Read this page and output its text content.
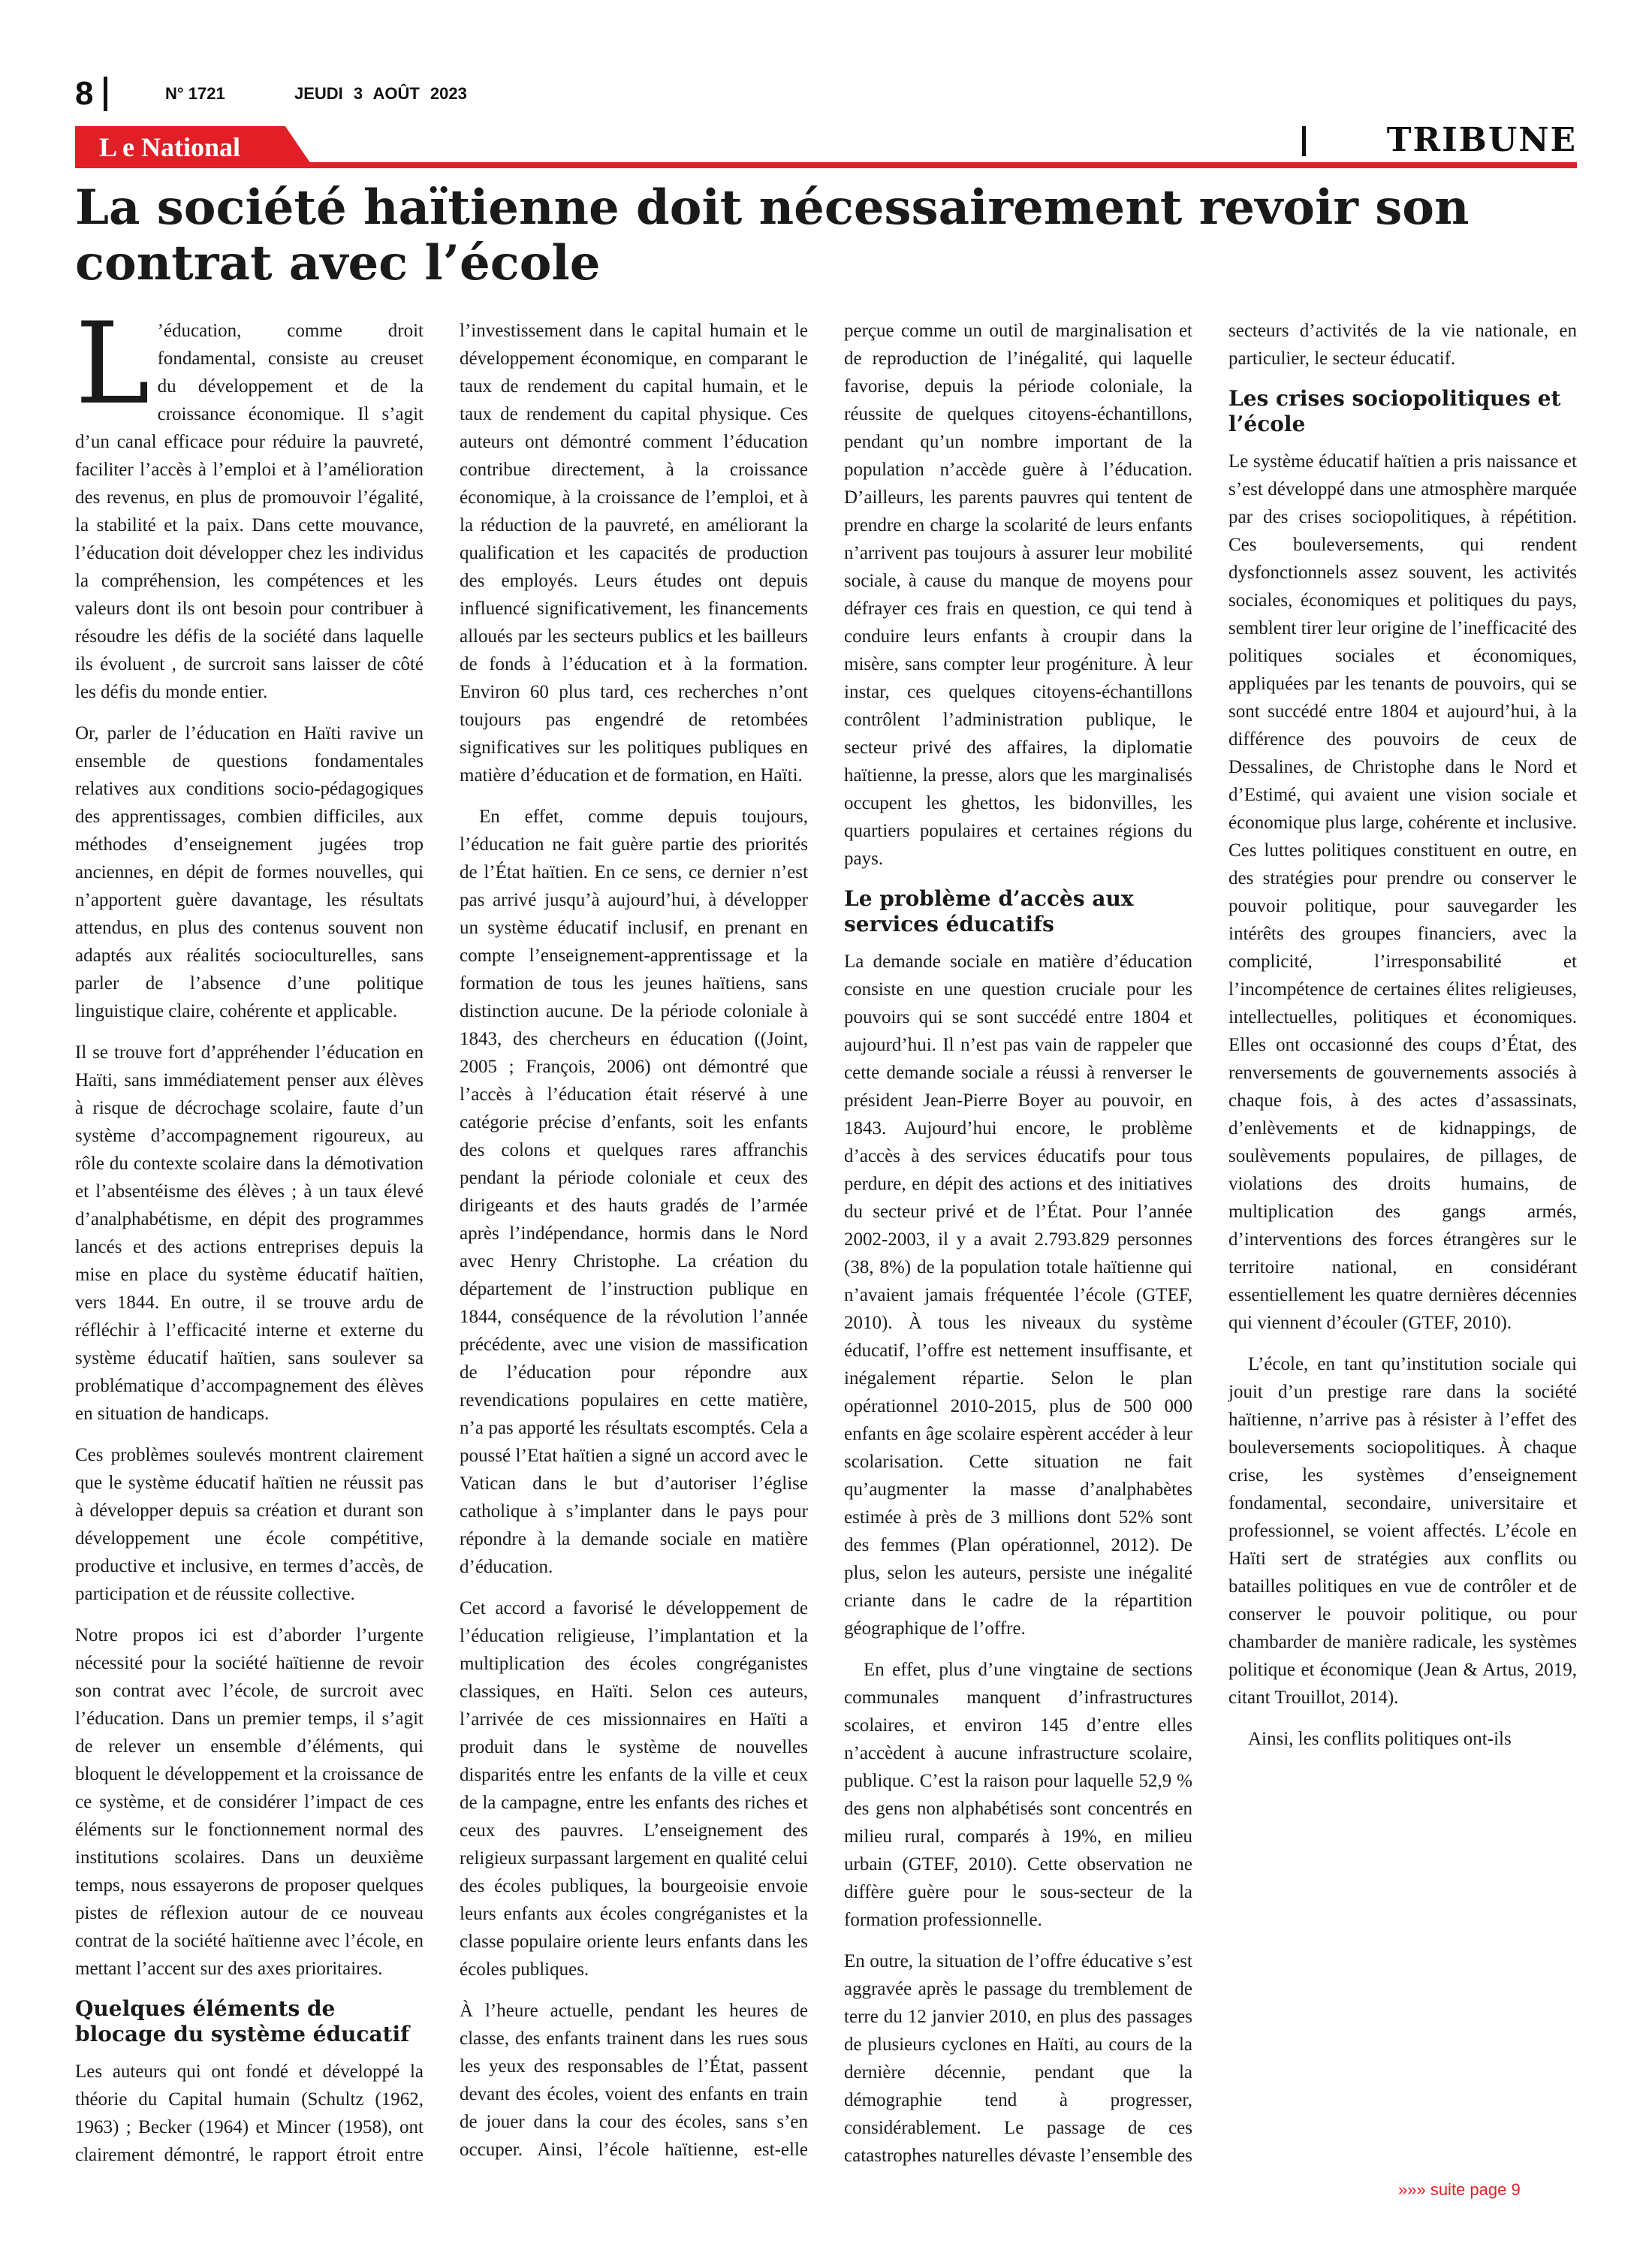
8	N° 1721	JEUDI 3 AOÛT 2023
L e National	TRIBUNE
La société haïtienne doit nécessairement revoir son contrat avec l’école

L ’éducation, comme droit fondamental, consiste au creuset du développement et de la croissance économique. Il s’agit d’un canal efficace pour réduire la pauvreté, faciliter l’accès à l’emploi et à l’amélioration des revenus, en plus de promouvoir l’égalité, la stabilité et la paix. Dans cette mouvance, l’éducation doit développer chez les individus la compréhension, les compétences et les valeurs dont ils ont besoin pour contribuer à résoudre les défis de la société dans laquelle ils évoluent , de surcroit sans laisser de côté les défis du monde entier.

Or, parler de l’éducation en Haïti ravive un ensemble de questions fondamentales relatives aux conditions socio-pédagogiques des apprentissages, combien difficiles, aux méthodes d’enseignement jugées trop anciennes, en dépit de formes nouvelles, qui n’apportent guère davantage, les résultats attendus, en plus des contenus souvent non adaptés aux réalités socioculturelles, sans parler de l’absence d’une politique linguistique claire, cohérente et applicable.

Il se trouve fort d’appréhender l’éducation en Haïti, sans immédiatement penser aux élèves à risque de décrochage scolaire, faute d’un système d’accompagnement rigoureux, au rôle du contexte scolaire dans la démotivation et l’absentéisme des élèves ; à un taux élevé d’analphabétisme, en dépit des programmes lancés et des actions entreprises depuis la mise en place du système éducatif haïtien, vers 1844. En outre, il se trouve ardu de réfléchir à l’efficacité interne et externe du système éducatif haïtien, sans soulever sa problématique d’accompagnement des élèves en situation de handicaps.

Ces problèmes soulevés montrent clairement que le système éducatif haïtien ne réussit pas à développer depuis sa création et durant son développement une école compétitive, productive et inclusive, en termes d’accès, de participation et de réussite collective.

Notre propos ici est d’aborder l’urgente nécessité pour la société haïtienne de revoir son contrat avec l’école, de surcroit avec l’éducation. Dans un premier temps, il s’agit de relever un ensemble d’éléments, qui bloquent le développement et la croissance de ce système, et de considérer l’impact de ces éléments sur le fonctionnement normal des institutions scolaires. Dans un deuxième temps, nous essayerons de proposer quelques pistes de réflexion autour de ce nouveau contrat de la société haïtienne avec l’école, en mettant l’accent sur des axes prioritaires.

Quelques éléments de blocage du système éducatif

Les auteurs qui ont fondé et développé la théorie du Capital humain (Schultz (1962, 1963) ; Becker (1964) et Mincer (1958), ont clairement démontré, le rapport étroit entre l’investissement dans le capital humain et le développement économique, en comparant le taux de rendement du capital humain, et le taux de rendement du capital physique. Ces auteurs ont démontré comment l’éducation contribue directement, à la croissance économique, à la croissance de l’emploi, et à la réduction de la pauvreté, en améliorant la qualification et les capacités de production des employés. Leurs études ont depuis influencé significativement, les financements alloués par les secteurs publics et les bailleurs de fonds à l’éducation et à la formation. Environ 60 plus tard, ces recherches n’ont toujours pas engendré de retombées significatives sur les politiques publiques en matière d’éducation et de formation, en Haïti.

En effet, comme depuis toujours, l’éducation ne fait guère partie des priorités de l’État haïtien. En ce sens, ce dernier n’est pas arrivé jusqu’à aujourd’hui, à développer un système éducatif inclusif, en prenant en compte l’enseignement-apprentissage et la formation de tous les jeunes haïtiens, sans distinction aucune. De la période coloniale à 1843, des chercheurs en éducation ((Joint, 2005 ; François, 2006) ont démontré que l’accès à l’éducation était réservé à une catégorie précise d’enfants, soit les enfants des colons et quelques rares affranchis pendant la période coloniale et ceux des dirigeants et des hauts gradés de l’armée après l’indépendance, hormis dans le Nord avec Henry Christophe. La création du département de l’instruction publique en 1844, conséquence de la révolution l’année précédente, avec une vision de massification de l’éducation pour répondre aux revendications populaires en cette matière, n’a pas apporté les résultats escomptés. Cela a poussé l’Etat haïtien a signé un accord avec le Vatican dans le but d’autoriser l’église catholique à s’implanter dans le pays pour répondre à la demande sociale en matière d’éducation.

Cet accord a favorisé le développement de l’éducation religieuse, l’implantation et la multiplication des écoles congréganistes classiques, en Haïti. Selon ces auteurs, l’arrivée de ces missionnaires en Haïti a produit dans le système de nouvelles disparités entre les enfants de la ville et ceux de la campagne, entre les enfants des riches et ceux des pauvres. L’enseignement des religieux surpassant largement en qualité celui des écoles publiques, la bourgeoisie envoie leurs enfants aux écoles congréganistes et la classe populaire oriente leurs enfants dans les écoles publiques.

À l’heure actuelle, pendant les heures de classe, des enfants trainent dans les rues sous les yeux des responsables de l’État, passent devant des écoles, voient des enfants en train de jouer dans la cour des écoles, sans s’en occuper. Ainsi, l’école haïtienne, est-elle perçue comme un outil de marginalisation et de reproduction de l’inégalité, qui laquelle favorise, depuis la période coloniale, la réussite de quelques citoyens-échantillons, pendant qu’un nombre important de la population n’accède guère à l’éducation. D’ailleurs, les parents pauvres qui tentent de prendre en charge la scolarité de leurs enfants n’arrivent pas toujours à assurer leur mobilité sociale, à cause du manque de moyens pour défrayer ces frais en question, ce qui tend à conduire leurs enfants à croupir dans la misère, sans compter leur progéniture. À leur instar, ces quelques citoyens-échantillons contrôlent l’administration publique, le secteur privé des affaires, la diplomatie haïtienne, la presse, alors que les marginalisés occupent les ghettos, les bidonvilles, les quartiers populaires et certaines régions du pays.

Le problème d’accès aux services éducatifs

La demande sociale en matière d’éducation consiste en une question cruciale pour les pouvoirs qui se sont succédé entre 1804 et aujourd’hui. Il n’est pas vain de rappeler que cette demande sociale a réussi à renverser le président Jean-Pierre Boyer au pouvoir, en 1843. Aujourd’hui encore, le problème d’accès à des services éducatifs pour tous perdure, en dépit des actions et des initiatives du secteur privé et de l’État. Pour l’année 2002-2003, il y a avait 2.793.829 personnes (38, 8%) de la population totale haïtienne qui n’avaient jamais fréquentée l’école (GTEF, 2010). À tous les niveaux du système éducatif, l’offre est nettement insuffisante, et inégalement répartie. Selon le plan opérationnel 2010-2015, plus de 500 000 enfants en âge scolaire espèrent accéder à leur scolarisation. Cette situation ne fait qu’augmenter la masse d’analphabètes estimée à près de 3 millions dont 52% sont des femmes (Plan opérationnel, 2012). De plus, selon les auteurs, persiste une inégalité criante dans le cadre de la répartition géographique de l’offre.

En effet, plus d’une vingtaine de sections communales manquent d’infrastructures scolaires, et environ 145 d’entre elles n’accèdent à aucune infrastructure scolaire, publique. C’est la raison pour laquelle 52,9 % des gens non alphabétisés sont concentrés en milieu rural, comparés à 19%, en milieu urbain (GTEF, 2010). Cette observation ne diffère guère pour le sous-secteur de la formation professionnelle.

En outre, la situation de l’offre éducative s’est aggravée après le passage du tremblement de terre du 12 janvier 2010, en plus des passages de plusieurs cyclones en Haïti, au cours de la dernière décennie, pendant que la démographie tend à progresser, considérablement. Le passage de ces catastrophes naturelles dévaste l’ensemble des secteurs d’activités de la vie nationale, en particulier, le secteur éducatif.

Les crises sociopolitiques et l’école

Le système éducatif haïtien a pris naissance et s’est développé dans une atmosphère marquée par des crises sociopolitiques, à répétition. Ces bouleversements, qui rendent dysfonctionnels assez souvent, les activités sociales, économiques et politiques du pays, semblent tirer leur origine de l’inefficacité des politiques sociales et économiques, appliquées par les tenants de pouvoirs, qui se sont succédé entre 1804 et aujourd’hui, à la différence des pouvoirs de ceux de Dessalines, de Christophe dans le Nord et d’Estimé, qui avaient une vision sociale et économique plus large, cohérente et inclusive. Ces luttes politiques constituent en outre, en des stratégies pour prendre ou conserver le pouvoir politique, pour sauvegarder les intérêts des groupes financiers, avec la complicité, l’irresponsabilité et l’incompétence de certaines élites religieuses, intellectuelles, politiques et économiques. Elles ont occasionné des coups d’État, des renversements de gouvernements associés à chaque fois, à des actes d’assassinats, d’enlèvements et de kidnappings, de soulèvements populaires, de pillages, de violations des droits humains, de multiplication des gangs armés, d’interventions des forces étrangères sur le territoire national, en considérant essentiellement les quatre dernières décennies qui viennent d’écouler (GTEF, 2010).

L’école, en tant qu’institution sociale qui jouit d’un prestige rare dans la société haïtienne, n’arrive pas à résister à l’effet des bouleversements sociopolitiques. À chaque crise, les systèmes d’enseignement fondamental, secondaire, universitaire et professionnel, se voient affectés. L’école en Haïti sert de stratégies aux conflits ou batailles politiques en vue de contrôler et de conserver le pouvoir politique, ou pour chambarder de manière radicale, les systèmes politique et économique (Jean & Artus, 2019, citant Trouillot, 2014).

Ainsi, les conflits politiques ont-ils

»»» suite page 9
